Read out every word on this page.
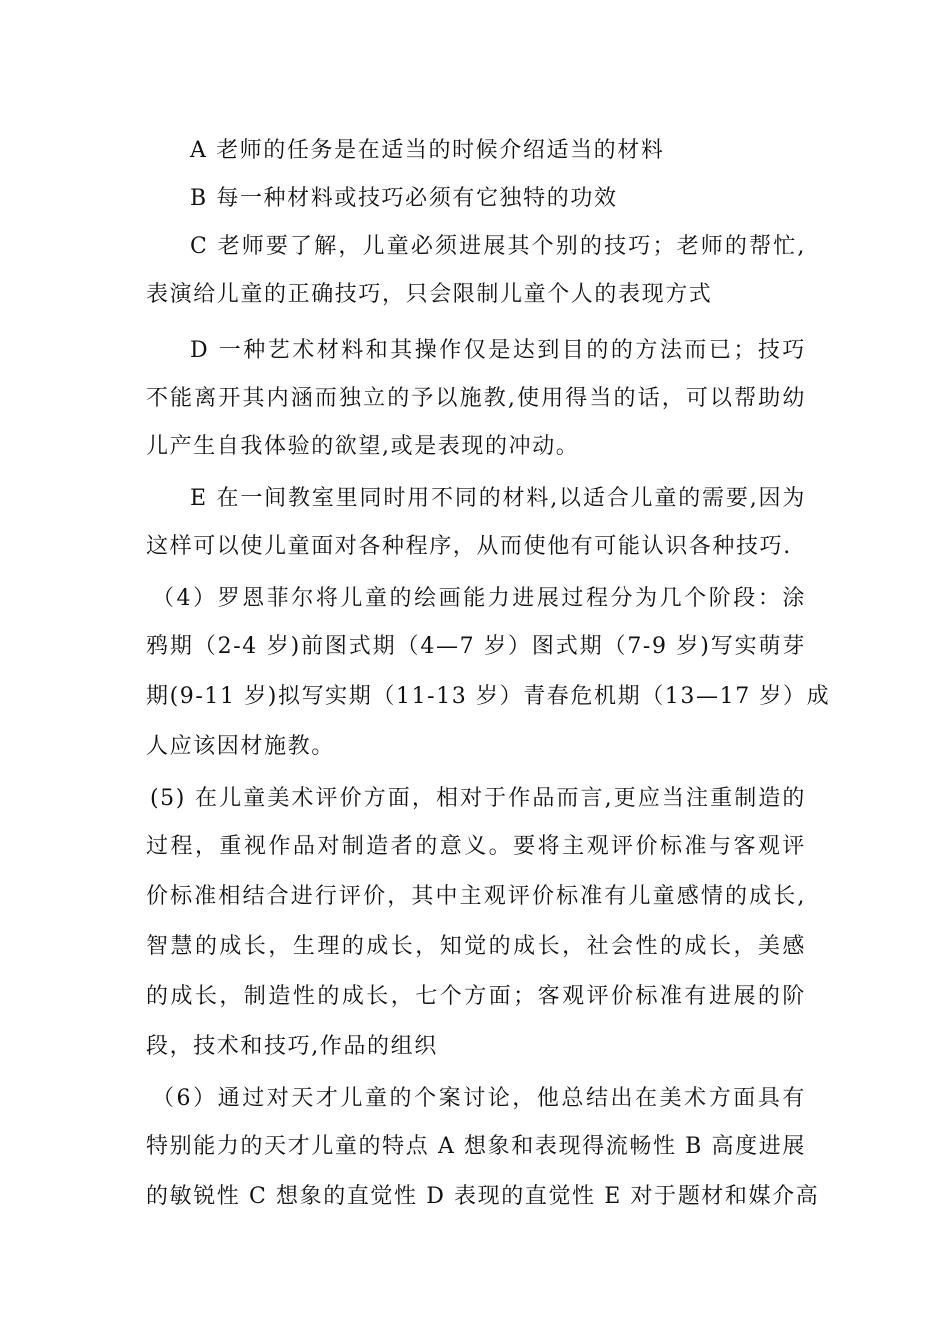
A 老师的任务是在适当的时候介绍适当的材料
B 每一种材料或技巧必须有它独特的功效
C 老师要了解，儿童必须进展其个别的技巧；老师的帮忙,
表演给儿童的正确技巧，只会限制儿童个人的表现方式
D 一种艺术材料和其操作仅是达到目的的方法而已；技巧
不能离开其内涵而独立的予以施教,使用得当的话，可以帮助幼
儿产生自我体验的欲望,或是表现的冲动。
E 在一间教室里同时用不同的材料,以适合儿童的需要,因为
这样可以使儿童面对各种程序，从而使他有可能认识各种技巧.
（4）罗恩菲尔将儿童的绘画能力进展过程分为几个阶段：涂
鸦期（2-4 岁)前图式期（4—7 岁）图式期（7-9 岁)写实萌芽
期(9-11 岁)拟写实期（11-13 岁）青春危机期（13—17 岁）成
人应该因材施教。
(5) 在儿童美术评价方面，相对于作品而言,更应当注重制造的
过程，重视作品对制造者的意义。要将主观评价标准与客观评
价标准相结合进行评价，其中主观评价标准有儿童感情的成长,
智慧的成长，生理的成长，知觉的成长，社会性的成长，美感
的成长，制造性的成长，七个方面；客观评价标准有进展的阶
段，技术和技巧,作品的组织
（6）通过对天才儿童的个案讨论，他总结出在美术方面具有
特别能力的天才儿童的特点 A 想象和表现得流畅性 B 高度进展
的敏锐性 C 想象的直觉性 D 表现的直觉性 E 对于题材和媒介高
